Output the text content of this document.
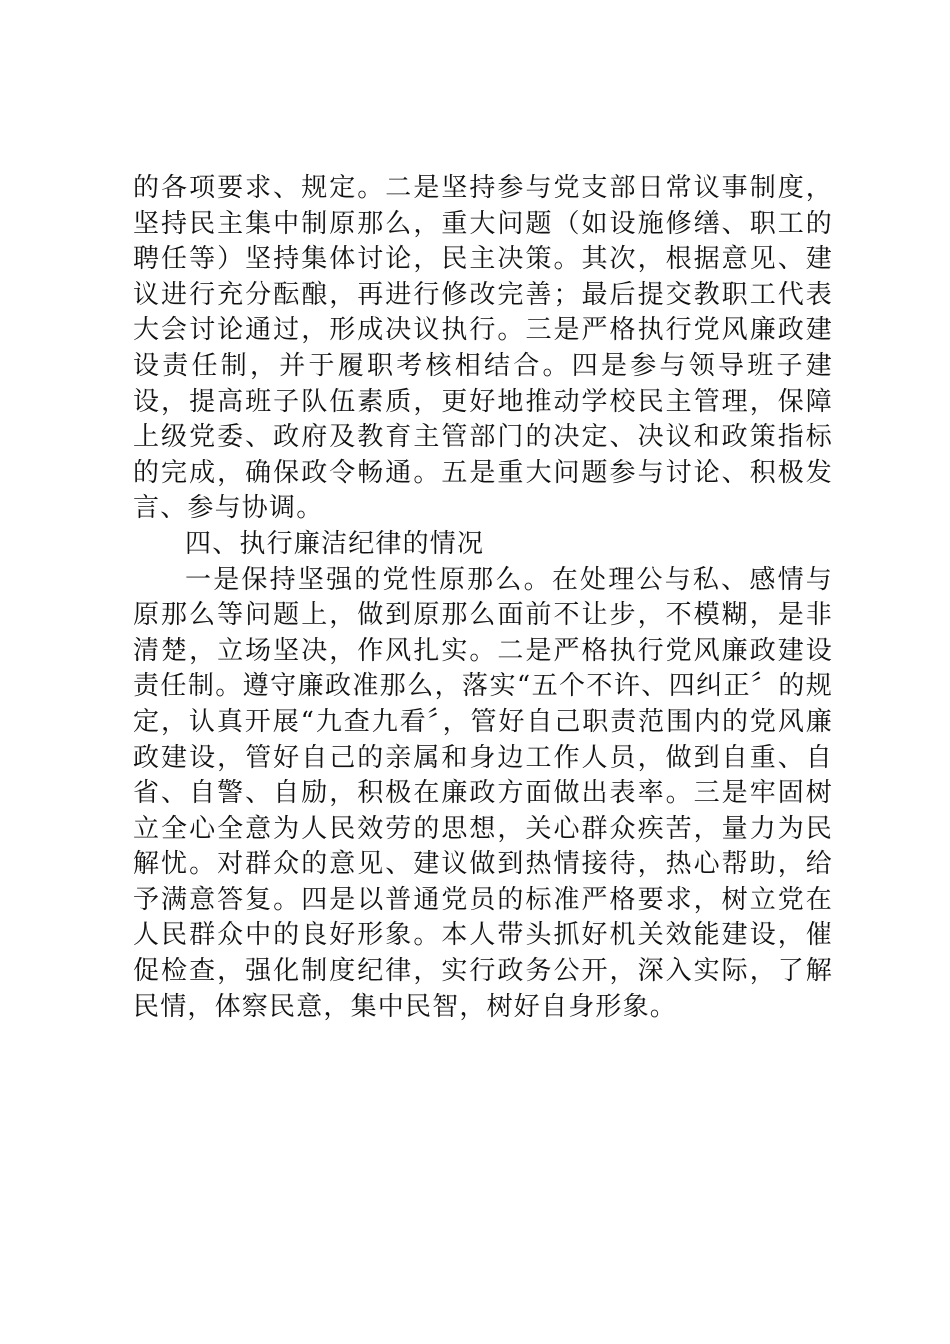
的各项要求、规定。二是坚持参与党支部日常议事制度，坚持民主集中制原那么，重大问题（如设施修缮、职工的聘任等）坚持集体讨论，民主决策。其次，根据意见、建议进行充分酝酿，再进行修改完善；最后提交教职工代表大会讨论通过，形成决议执行。三是严格执行党风廉政建设责任制，并于履职考核相结合。四是参与领导班子建设，提高班子队伍素质，更好地推动学校民主管理，保障上级党委、政府及教育主管部门的决定、决议和政策指标的完成，确保政令畅通。五是重大问题参与讨论、积极发言、参与协调。

四、执行廉洁纪律的情况

一是保持坚强的党性原那么。在处理公与私、感情与原那么等问题上，做到原那么面前不让步，不模糊，是非清楚，立场坚决，作风扎实。二是严格执行党风廉政建设责任制。遵守廉政准那么，落实“五个不许、四纠正〞的规定，认真开展“九查九看〞，管好自己职责范围内的党风廉政建设，管好自己的亲属和身边工作人员，做到自重、自省、自警、自励，积极在廉政方面做出表率。三是牢固树立全心全意为人民效劳的思想，关心群众疾苦，量力为民解忧。对群众的意见、建议做到热情接待，热心帮助，给予满意答复。四是以普通党员的标准严格要求，树立党在人民群众中的良好形象。本人带头抓好机关效能建设，催促检查，强化制度纪律，实行政务公开，深入实际，了解民情，体察民意，集中民智，树好自身形象。
